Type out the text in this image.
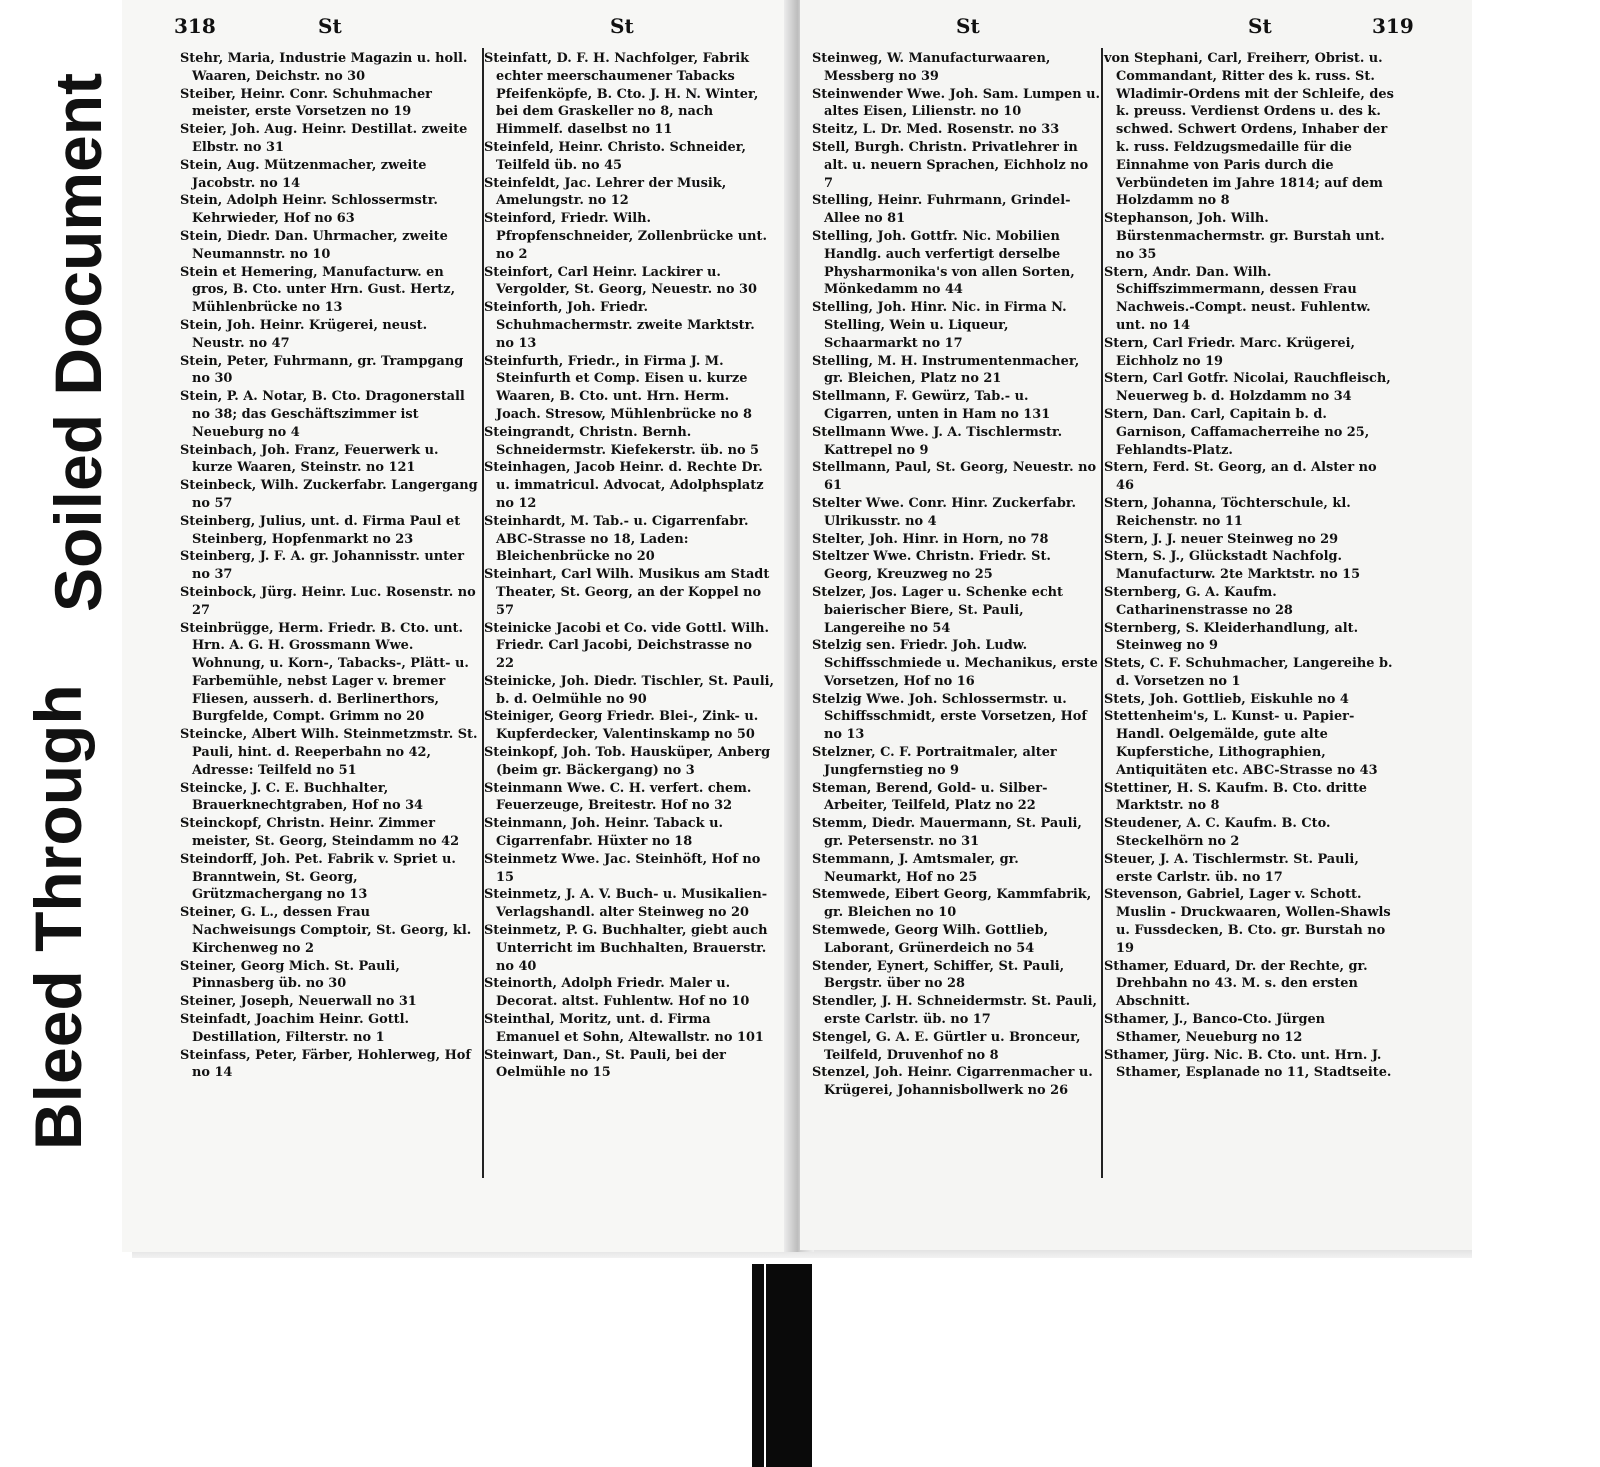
318	St	St
Stehr, Maria, Industrie Magazin u. holl. Waaren, Deichstr. no 30
Steiber, Heinr. Conr. Schuhmacher meister, erste Vorsetzen no 19
Steier, Joh. Aug. Heinr. Destillat. zweite Elbstr. no 31
Stein, Aug. Mützenmacher, zweite Jacobstr. no 14
Stein, Adolph Heinr. Schlossermstr. Kehrwieder, Hof no 63
Stein, Diedr. Dan. Uhrmacher, zweite Neumannstr. no 10
Stein et Hemering, Manufacturw. en gros, B. Cto. unter Hrn. Gust. Hertz, Mühlenbrücke no 13
Stein, Joh. Heinr. Krügerei, neust. Neustr. no 47
Stein, Peter, Fuhrmann, gr. Trampgang no 30
Stein, P. A. Notar, B. Cto. Dragonerstall no 38; das Geschäftszimmer ist Neueburg no 4
Steinbach, Joh. Franz, Feuerwerk u. kurze Waaren, Steinstr. no 121
Steinbeck, Wilh. Zuckerfabr. Langergang no 57
Steinberg, Julius, unt. d. Firma Paul et Steinberg, Hopfenmarkt no 23
Steinberg, J. F. A. gr. Johannisstr. unter no 37
Steinbock, Jürg. Heinr. Luc. Rosenstr. no 27
Steinbrügge, Herm. Friedr. B. Cto. unt. Hrn. A. G. H. Grossmann Wwe. Wohnung, u. Korn-, Tabacks-, Plätt- u. Farbemühle, nebst Lager v. bremer Fliesen, ausserh. d. Berlinerthors, Burgfelde, Compt. Grimm no 20
Steincke, Albert Wilh. Steinmetzmstr. St. Pauli, hint. d. Reeperbahn no 42, Adresse: Teilfeld no 51
Steincke, J. C. E. Buchhalter, Brauerknechtgraben, Hof no 34
Steinckopf, Christn. Heinr. Zimmer meister, St. Georg, Steindamm no 42
Steindorff, Joh. Pet. Fabrik v. Spriet u. Branntwein, St. Georg, Grützmachergang no 13
Steiner, G. L., dessen Frau Nachweisungs Comptoir, St. Georg, kl. Kirchenweg no 2
Steiner, Georg Mich. St. Pauli, Pinnasberg üb. no 30
Steiner, Joseph, Neuerwall no 31
Steinfadt, Joachim Heinr. Gottl. Destillation, Filterstr. no 1
Steinfass, Peter, Färber, Hohlerweg, Hof no 14
Steinfatt, D. F. H. Nachfolger, Fabrik echter meerschaumener Tabacks Pfeifenköpfe, B. Cto. J. H. N. Winter, bei dem Graskeller no 8, nach Himmelf. daselbst no 11
Steinfeld, Heinr. Christo. Schneider, Teilfeld üb. no 45
Steinfeldt, Jac. Lehrer der Musik, Amelungstr. no 12
Steinford, Friedr. Wilh. Pfropfenschneider, Zollenbrücke unt. no 2
Steinfort, Carl Heinr. Lackirer u. Vergolder, St. Georg, Neuestr. no 30
Steinforth, Joh. Friedr. Schuhmachermstr. zweite Marktstr. no 13
Steinfurth, Friedr., in Firma J. M. Steinfurth et Comp. Eisen u. kurze Waaren, B. Cto. unt. Hrn. Herm. Joach. Stresow, Mühlenbrücke no 8
Steingrandt, Christn. Bernh. Schneidermstr. Kiefekerstr. üb. no 5
Steinhagen, Jacob Heinr. d. Rechte Dr. u. immatricul. Advocat, Adolphsplatz no 12
Steinhardt, M. Tab.- u. Cigarrenfabr. ABC-Strasse no 18, Laden: Bleichenbrücke no 20
Steinhart, Carl Wilh. Musikus am Stadt Theater, St. Georg, an der Koppel no 57
Steinicke Jacobi et Co. vide Gottl. Wilh. Friedr. Carl Jacobi, Deichstrasse no 22
Steinicke, Joh. Diedr. Tischler, St. Pauli, b. d. Oelmühle no 90
Steiniger, Georg Friedr. Blei-, Zink- u. Kupferdecker, Valentinskamp no 50
Steinkopf, Joh. Tob. Hausküper, Anberg (beim gr. Bäckergang) no 3
Steinmann Wwe. C. H. verfert. chem. Feuerzeuge, Breitestr. Hof no 32
Steinmann, Joh. Heinr. Taback u. Cigarrenfabr. Hüxter no 18
Steinmetz Wwe. Jac. Steinhöft, Hof no 15
Steinmetz, J. A. V. Buch- u. Musikalien-Verlagshandl. alter Steinweg no 20
Steinmetz, P. G. Buchhalter, giebt auch Unterricht im Buchhalten, Brauerstr. no 40
Steinorth, Adolph Friedr. Maler u. Decorat. altst. Fuhlentw. Hof no 10
Steinthal, Moritz, unt. d. Firma Emanuel et Sohn, Altewallstr. no 101
Steinwart, Dan., St. Pauli, bei der Oelmühle no 15
St	St	319
Steinweg, W. Manufacturwaaren, Messberg no 39
Steinwender Wwe. Joh. Sam. Lumpen u. altes Eisen, Lilienstr. no 10
Steitz, L. Dr. Med. Rosenstr. no 33
Stell, Burgh. Christn. Privatlehrer in alt. u. neuern Sprachen, Eichholz no 7
Stelling, Heinr. Fuhrmann, Grindel-Allee no 81
Stelling, Joh. Gottfr. Nic. Mobilien Handlg. auch verfertigt derselbe Physharmonika's von allen Sorten, Mönkedamm no 44
Stelling, Joh. Hinr. Nic. in Firma N. Stelling, Wein u. Liqueur, Schaarmarkt no 17
Stelling, M. H. Instrumentenmacher, gr. Bleichen, Platz no 21
Stellmann, F. Gewürz, Tab.- u. Cigarren, unten in Ham no 131
Stellmann Wwe. J. A. Tischlermstr. Kattrepel no 9
Stellmann, Paul, St. Georg, Neuestr. no 61
Stelter Wwe. Conr. Hinr. Zuckerfabr. Ulrikusstr. no 4
Stelter, Joh. Hinr. in Horn, no 78
Steltzer Wwe. Christn. Friedr. St. Georg, Kreuzweg no 25
Stelzer, Jos. Lager u. Schenke echt baierischer Biere, St. Pauli, Langereihe no 54
Stelzig sen. Friedr. Joh. Ludw. Schiffsschmiede u. Mechanikus, erste Vorsetzen, Hof no 16
Stelzig Wwe. Joh. Schlossermstr. u. Schiffsschmidt, erste Vorsetzen, Hof no 13
Stelzner, C. F. Portraitmaler, alter Jungfernstieg no 9
Steman, Berend, Gold- u. Silber-Arbeiter, Teilfeld, Platz no 22
Stemm, Diedr. Mauermann, St. Pauli, gr. Petersenstr. no 31
Stemmann, J. Amtsmaler, gr. Neumarkt, Hof no 25
Stemwede, Eibert Georg, Kammfabrik, gr. Bleichen no 10
Stemwede, Georg Wilh. Gottlieb, Laborant, Grünerdeich no 54
Stender, Eynert, Schiffer, St. Pauli, Bergstr. über no 28
Stendler, J. H. Schneidermstr. St. Pauli, erste Carlstr. üb. no 17
Stengel, G. A. E. Gürtler u. Bronceur, Teilfeld, Druvenhof no 8
Stenzel, Joh. Heinr. Cigarrenmacher u. Krügerei, Johannisbollwerk no 26
von Stephani, Carl, Freiherr, Obrist. u. Commandant, Ritter des k. russ. St. Wladimir-Ordens mit der Schleife, des k. preuss. Verdienst Ordens u. des k. schwed. Schwert Ordens, Inhaber der k. russ. Feldzugsmedaille für die Einnahme von Paris durch die Verbündeten im Jahre 1814; auf dem Holzdamm no 8
Stephanson, Joh. Wilh. Bürstenmachermstr. gr. Burstah unt. no 35
Stern, Andr. Dan. Wilh. Schiffszimmermann, dessen Frau Nachweis.-Compt. neust. Fuhlentw. unt. no 14
Stern, Carl Friedr. Marc. Krügerei, Eichholz no 19
Stern, Carl Gotfr. Nicolai, Rauchfleisch, Neuerweg b. d. Holzdamm no 34
Stern, Dan. Carl, Capitain b. d. Garnison, Caffamacherreihe no 25, Fehlandts-Platz.
Stern, Ferd. St. Georg, an d. Alster no 46
Stern, Johanna, Töchterschule, kl. Reichenstr. no 11
Stern, J. J. neuer Steinweg no 29
Stern, S. J., Glückstadt Nachfolg. Manufacturw. 2te Marktstr. no 15
Sternberg, G. A. Kaufm. Catharinenstrasse no 28
Sternberg, S. Kleiderhandlung, alt. Steinweg no 9
Stets, C. F. Schuhmacher, Langereihe b. d. Vorsetzen no 1
Stets, Joh. Gottlieb, Eiskuhle no 4
Stettenheim's, L. Kunst- u. Papier-Handl. Oelgemälde, gute alte Kupferstiche, Lithographien, Antiquitäten etc. ABC-Strasse no 43
Stettiner, H. S. Kaufm. B. Cto. dritte Marktstr. no 8
Steudener, A. C. Kaufm. B. Cto. Steckelhörn no 2
Steuer, J. A. Tischlermstr. St. Pauli, erste Carlstr. üb. no 17
Stevenson, Gabriel, Lager v. Schott. Muslin - Druckwaaren, Wollen-Shawls u. Fussdecken, B. Cto. gr. Burstah no 19
Sthamer, Eduard, Dr. der Rechte, gr. Drehbahn no 43. M. s. den ersten Abschnitt.
Sthamer, J., Banco-Cto. Jürgen Sthamer, Neueburg no 12
Sthamer, Jürg. Nic. B. Cto. unt. Hrn. J. Sthamer, Esplanade no 11, Stadtseite.
Soiled Document
Bleed Through
